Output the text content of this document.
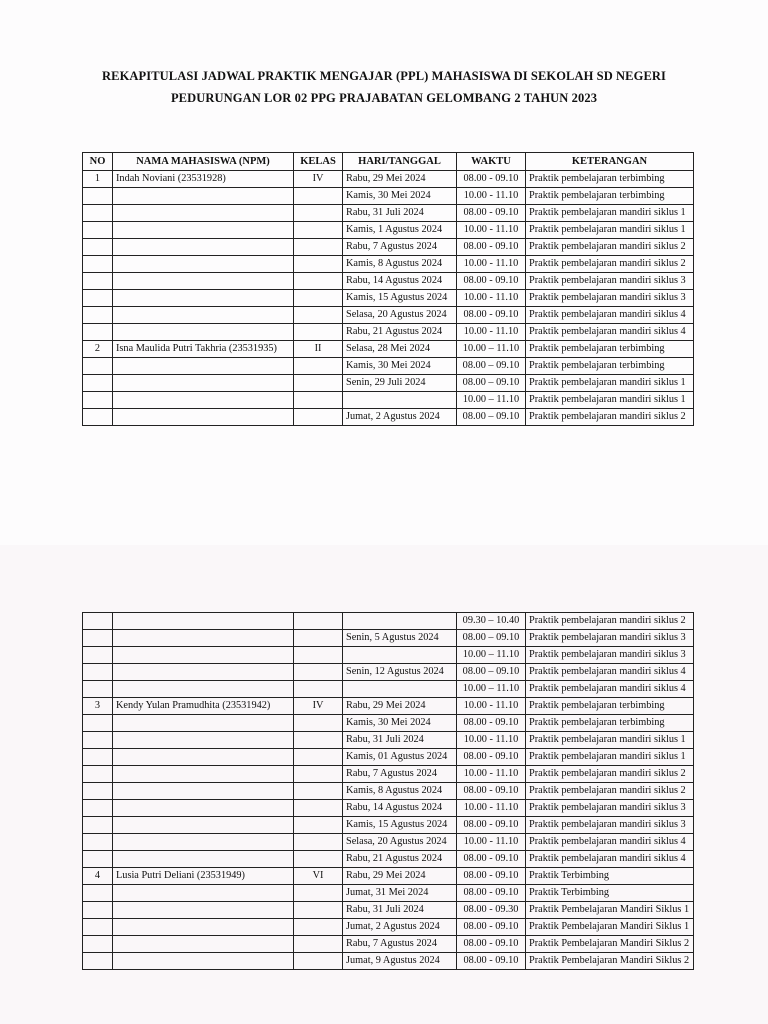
REKAPITULASI JADWAL PRAKTIK MENGAJAR (PPL) MAHASISWA DI SEKOLAH SD NEGERI
PEDURUNGAN LOR 02 PPG PRAJABATAN GELOMBANG 2 TAHUN 2023
NO	NAMA MAHASISWA (NPM)	KELAS	HARI/TANGGAL	WAKTU	KETERANGAN
1	Indah Noviani (23531928)	IV	Rabu, 29 Mei 2024	08.00 - 09.10	Praktik pembelajaran terbimbing
			Kamis, 30 Mei 2024	10.00 - 11.10	Praktik pembelajaran terbimbing
			Rabu, 31 Juli 2024	08.00 - 09.10	Praktik pembelajaran mandiri siklus 1
			Kamis, 1 Agustus 2024	10.00 - 11.10	Praktik pembelajaran mandiri siklus 1
			Rabu, 7 Agustus 2024	08.00 - 09.10	Praktik pembelajaran mandiri siklus 2
			Kamis, 8 Agustus 2024	10.00 - 11.10	Praktik pembelajaran mandiri siklus 2
			Rabu, 14 Agustus 2024	08.00 - 09.10	Praktik pembelajaran mandiri siklus 3
			Kamis, 15 Agustus 2024	10.00 - 11.10	Praktik pembelajaran mandiri siklus 3
			Selasa, 20 Agustus 2024	08.00 - 09.10	Praktik pembelajaran mandiri siklus 4
			Rabu, 21 Agustus 2024	10.00 - 11.10	Praktik pembelajaran mandiri siklus 4
2	Isna Maulida Putri Takhria (23531935)	II	Selasa, 28 Mei 2024	10.00 – 11.10	Praktik pembelajaran terbimbing
			Kamis, 30 Mei 2024	08.00 – 09.10	Praktik pembelajaran terbimbing
			Senin, 29 Juli 2024	08.00 – 09.10	Praktik pembelajaran mandiri siklus 1
				10.00 – 11.10	Praktik pembelajaran mandiri siklus 1
			Jumat, 2 Agustus 2024	08.00 – 09.10	Praktik pembelajaran mandiri siklus 2
				09.30 – 10.40	Praktik pembelajaran mandiri siklus 2
			Senin, 5 Agustus 2024	08.00 – 09.10	Praktik pembelajaran mandiri siklus 3
				10.00 – 11.10	Praktik pembelajaran mandiri siklus 3
			Senin, 12 Agustus 2024	08.00 – 09.10	Praktik pembelajaran mandiri siklus 4
				10.00 – 11.10	Praktik pembelajaran mandiri siklus 4
3	Kendy Yulan Pramudhita (23531942)	IV	Rabu, 29 Mei 2024	10.00 - 11.10	Praktik pembelajaran terbimbing
			Kamis, 30 Mei 2024	08.00 - 09.10	Praktik pembelajaran terbimbing
			Rabu, 31 Juli 2024	10.00 - 11.10	Praktik pembelajaran mandiri siklus 1
			Kamis, 01 Agustus 2024	08.00 - 09.10	Praktik pembelajaran mandiri siklus 1
			Rabu, 7 Agustus 2024	10.00 - 11.10	Praktik pembelajaran mandiri siklus 2
			Kamis, 8 Agustus 2024	08.00 - 09.10	Praktik pembelajaran mandiri siklus 2
			Rabu, 14 Agustus 2024	10.00 - 11.10	Praktik pembelajaran mandiri siklus 3
			Kamis, 15 Agustus 2024	08.00 - 09.10	Praktik pembelajaran mandiri siklus 3
			Selasa, 20 Agustus 2024	10.00 - 11.10	Praktik pembelajaran mandiri siklus 4
			Rabu, 21 Agustus 2024	08.00 - 09.10	Praktik pembelajaran mandiri siklus 4
4	Lusia Putri Deliani (23531949)	VI	Rabu, 29 Mei 2024	08.00 - 09.10	Praktik Terbimbing
			Jumat, 31 Mei 2024	08.00 - 09.10	Praktik Terbimbing
			Rabu, 31 Juli 2024	08.00 - 09.30	Praktik Pembelajaran Mandiri Siklus 1
			Jumat, 2 Agustus 2024	08.00 - 09.10	Praktik Pembelajaran Mandiri Siklus 1
			Rabu, 7 Agustus 2024	08.00 - 09.10	Praktik Pembelajaran Mandiri Siklus 2
			Jumat, 9 Agustus 2024	08.00 - 09.10	Praktik Pembelajaran Mandiri Siklus 2
